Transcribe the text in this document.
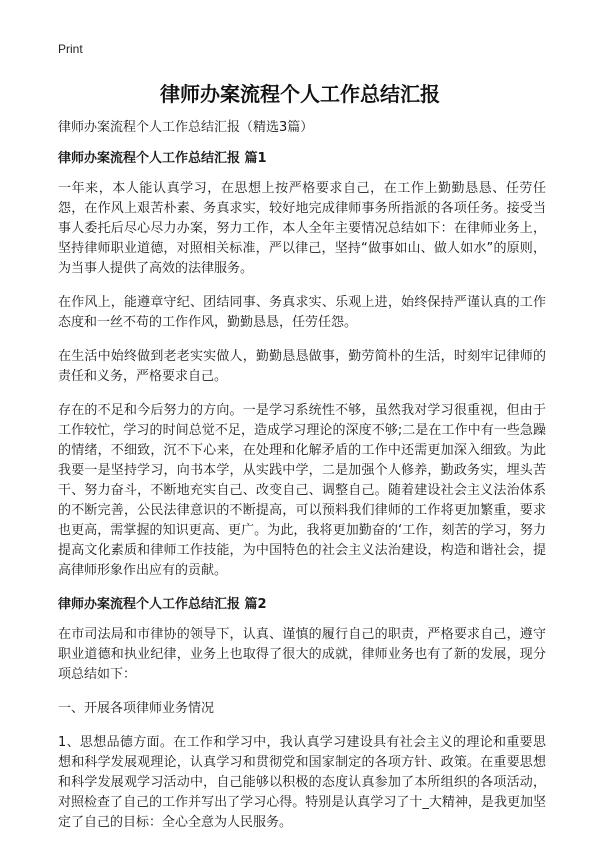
Print
律师办案流程个人工作总结汇报

律师办案流程个人工作总结汇报（精选3篇）

律师办案流程个人工作总结汇报 篇1

一年来，本人能认真学习，在思想上按严格要求自己，在工作上勤勤恳恳、任劳任怨，在作风上艰苦朴素、务真求实，较好地完成律师事务所指派的各项任务。接受当事人委托后尽心尽力办案，努力工作，本人全年主要情况总结如下：在律师业务上，坚持律师职业道德，对照相关标准，严以律己，坚持“做事如山、做人如水”的原则，为当事人提供了高效的法律服务。

在作风上，能遵章守纪、团结同事、务真求实、乐观上进，始终保持严谨认真的工作态度和一丝不苟的工作作风，勤勤恳恳，任劳任怨。

在生活中始终做到老老实实做人，勤勤恳恳做事，勤劳简朴的生活，时刻牢记律师的责任和义务，严格要求自己。

存在的不足和今后努力的方向。一是学习系统性不够，虽然我对学习很重视，但由于工作较忙，学习的时间总觉不足，造成学习理论的深度不够;二是在工作中有一些急躁的情绪，不细致，沉不下心来，在处理和化解矛盾的工作中还需更加深入细致。为此我要一是坚持学习，向书本学，从实践中学，二是加强个人修养，勤政务实，埋头苦干、努力奋斗，不断地充实自己、改变自己、调整自己。随着建设社会主义法治体系的不断完善，公民法律意识的不断提高，可以预料我们律师的工作将更加繁重，要求也更高，需掌握的知识更高、更广。为此，我将更加勤奋的‘工作，刻苦的学习，努力提高文化素质和律师工作技能，为中国特色的社会主义法治建设，构造和谐社会，提高律师形象作出应有的贡献。

律师办案流程个人工作总结汇报 篇2

在市司法局和市律协的领导下，认真、谨慎的履行自己的职责，严格要求自己，遵守职业道德和执业纪律，业务上也取得了很大的成就，律师业务也有了新的发展，现分项总结如下：

一、开展各项律师业务情况

1、思想品德方面。在工作和学习中，我认真学习建设具有社会主义的理论和重要思想和科学发展观理论，认真学习和贯彻党和国家制定的各项方针、政策。在重要思想和科学发展观学习活动中，自己能够以积极的态度认真参加了本所组织的各项活动，对照检查了自己的工作并写出了学习心得。特别是认真学习了十_大精神，是我更加坚定了自己的目标：全心全意为人民服务。
